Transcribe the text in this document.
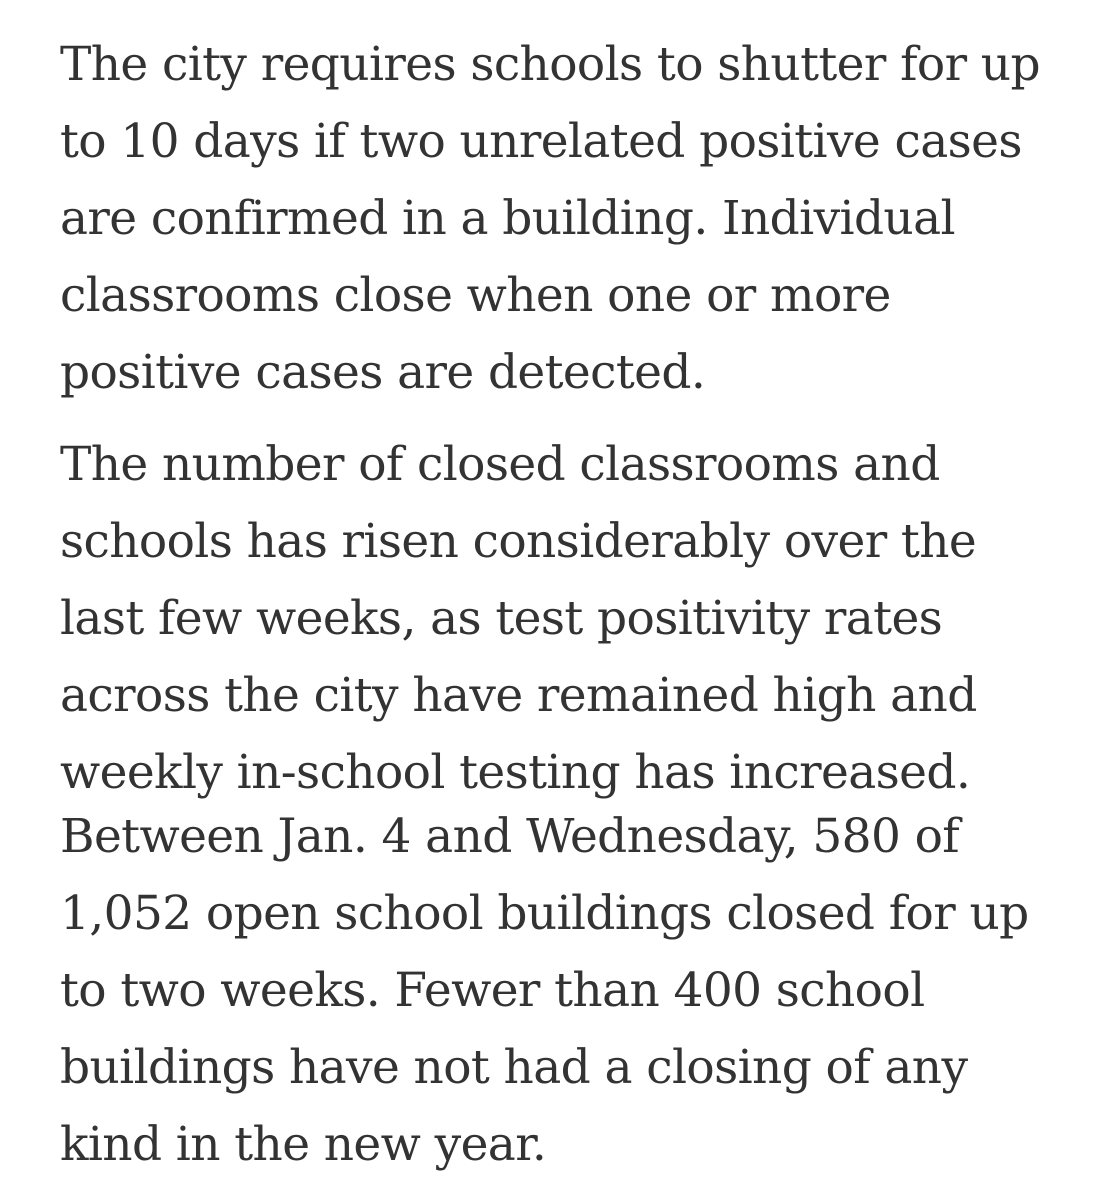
The city requires schools to shutter for up
to 10 days if two unrelated positive cases
are confirmed in a building. Individual
classrooms close when one or more
positive cases are detected.

The number of closed classrooms and
schools has risen considerably over the
last few weeks, as test positivity rates
across the city have remained high and
weekly in-school testing has increased.

Between Jan. 4 and Wednesday, 580 of
1,052 open school buildings closed for up
to two weeks. Fewer than 400 school
buildings have not had a closing of any
kind in the new year.
